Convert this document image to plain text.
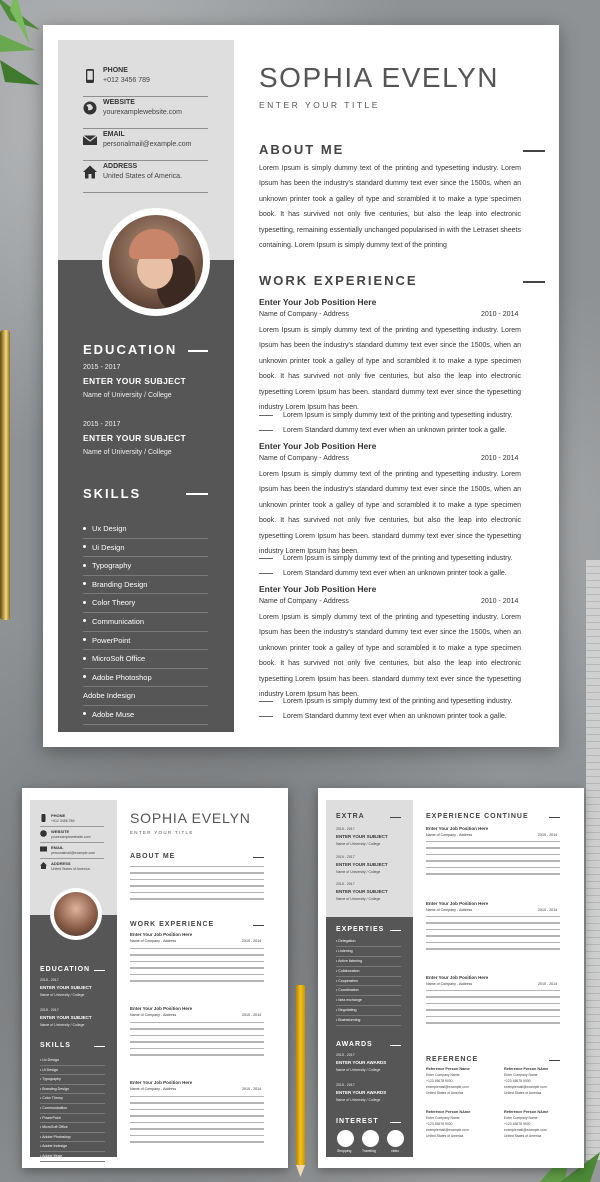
PHONE
+012 3456 789
WEBSITE
yourexamplewebsite.com
EMAIL
personalmail@example.com
ADDRESS
United States of America.
EDUCATION
2015 - 2017
ENTER YOUR SUBJECT
Name of University / College
2015 - 2017
ENTER YOUR SUBJECT
Name of University / College
SKILLS
Ux Design
Ui Design
Typography
Branding Design
Color Theory
Communication
PowerPoint
MicroSoft Office
Adobe Photoshop
Adobe Indesign
Adobe Muse
SOPHIA EVELYN
ENTER YOUR TITLE
ABOUT ME

Lorem Ipsum is simply dummy text of the printing and typesetting industry. Lorem Ipsum has been the industry's standard dummy text ever since the 1500s, when an unknown printer took a galley of type and scrambled it to make a type specimen book. It has survived not only five centuries, but also the leap into electronic typesetting, remaining essentially unchanged popularised in with the Letraset sheets containing. Lorem Ipsum is simply dummy text of the printing

WORK EXPERIENCE
Enter Your Job Position Here
Name of Company - Address	2010 - 2014

Lorem Ipsum is simply dummy text of the printing and typesetting industry. Lorem Ipsum has been the industry's standard dummy text ever since the 1500s, when an unknown printer took a galley of type and scrambled it to make a type specimen book. It has survived not only five centuries, but also the leap into electronic typesetting Lorem Ipsum has been. standard dummy text ever since the typesetting industry Lorem Ipsum has been.

Lorem Ipsum is simply dummy text of the printing and typesetting industry.
Lorem Standard dummy text ever when an unknown printer took a galle.
Enter Your Job Position Here
Name of Company - Address	2010 - 2014

Lorem Ipsum is simply dummy text of the printing and typesetting industry. Lorem Ipsum has been the industry's standard dummy text ever since the 1500s, when an unknown printer took a galley of type and scrambled it to make a type specimen book. It has survived not only five centuries, but also the leap into electronic typesetting Lorem Ipsum has been. standard dummy text ever since the typesetting industry Lorem Ipsum has been.

Lorem Ipsum is simply dummy text of the printing and typesetting industry.
Lorem Standard dummy text ever when an unknown printer took a galle.
Enter Your Job Position Here
Name of Company - Address	2010 - 2014

Lorem Ipsum is simply dummy text of the printing and typesetting industry. Lorem Ipsum has been the industry's standard dummy text ever since the 1500s, when an unknown printer took a galley of type and scrambled it to make a type specimen book. It has survived not only five centuries, but also the leap into electronic typesetting Lorem Ipsum has been. standard dummy text ever since the typesetting industry Lorem Ipsum has been.

Lorem Ipsum is simply dummy text of the printing and typesetting industry.
Lorem Standard dummy text ever when an unknown printer took a galle.
PHONE
+012 3456 789
WEBSITE
yourexamplewebsite.com
EMAIL
personalmail@example.com
ADDRESS
United States of America.
EDUCATION
2015 - 2017
ENTER YOUR SUBJECT
Name of University / College
2015 - 2017
ENTER YOUR SUBJECT
Name of University / College
SKILLS
• Ux Design
• Ui Design
• Typography
• Branding Design
• Color Theory
• Communication
• PowerPoint
• MicroSoft Office
• Adobe Photoshop
• Adobe Indesign
• Adobe Muse
SOPHIA EVELYN
ENTER YOUR TITLE
ABOUT ME
WORK EXPERIENCE
Enter Your Job Position Here
Name of Company - Address	2010 - 2014
Enter Your Job Position Here
Name of Company - Address	2010 - 2014
Enter Your Job Position Here
Name of Company - Address	2010 - 2014
EXTRA
2015 - 2017
ENTER YOUR SUBJECT
Name of University / College
2015 - 2017
ENTER YOUR SUBJECT
Name of University / College
2015 - 2017
ENTER YOUR SUBJECT
Name of University / College
EXPERTIES
• Delegation
• Listening
• Active listening
• Collaboration
• Cooperation
• Coordination
• Idea exchange
• Negotiating
• Brainstorming
AWARDS
2015 - 2017
ENTER YOUR AWARDS
Name of University / College
2015 - 2017
ENTER YOUR AWARDS
Name of University / College
INTEREST
Shopping	Traveling	video
EXPERIENCE CONTINUE
Enter Your Job Position Here
Name of Company - Address	2010 - 2014
Enter Your Job Position Here
Name of Company - Address	2010 - 2014
Enter Your Job Position Here
Name of Company - Address	2010 - 2014
REFERENCE
Reference Person Name
Enter Company Name
+123 45678 9000
exemplemail@example.com
United States of America
Reference Person NAme
Enter Company Name
+123 45678 9000
exemplemail@example.com
United States of America
Reference Person NAme
Enter Company Name
+123 45678 9000
exemplemail@example.com
United States of America
Reference Person NAme
Enter Company Name
+123 45678 9000
exemplemail@example.com
United States of America
